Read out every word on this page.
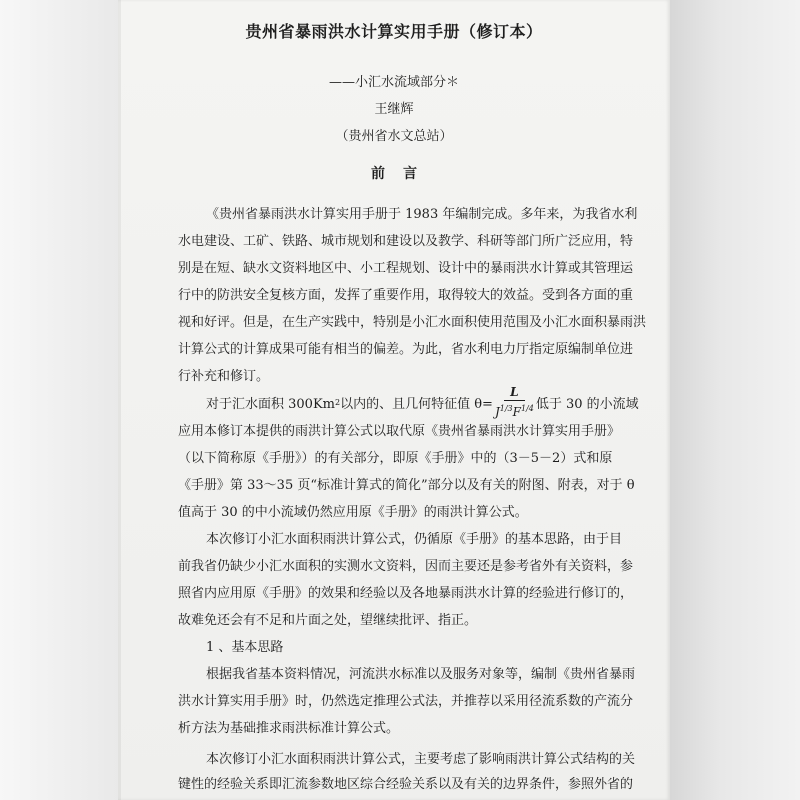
贵州省暴雨洪水计算实用手册（修订本）

——小汇水流域部分＊

王继辉

（贵州省水文总站）

前言

《贵州省暴雨洪水计算实用手册于 1983 年编制完成。多年来，为我省水利

水电建设、工矿、铁路、城市规划和建设以及教学、科研等部门所广泛应用，特

别是在短、缺水文资料地区中、小工程规划、设计中的暴雨洪水计算或其管理运

行中的防洪安全复核方面，发挥了重要作用，取得较大的效益。受到各方面的重

视和好评。但是，在生产实践中，特别是小汇水面积使用范围及小汇水面积暴雨洪

计算公式的计算成果可能有相当的偏差。为此，省水利电力厅指定原编制单位进

行补充和修订。

对于汇水面积 300Km 2 以内的、且几何特征值 $\theta= \frac{L}{J^{1/3}F^{1/4}}$ 低于 30 的小流域

应用本修订本提供的雨洪计算公式以取代原《贵州省暴雨洪水计算实用手册》

（以下简称原《手册》）的有关部分，即原《手册》中的（3－5－2）式和原

《手册》第 33～35 页“标准计算式的简化”部分以及有关的附图、附表，对于 θ

值高于 30 的中小流域仍然应用原《手册》的雨洪计算公式。

本次修订小汇水面积雨洪计算公式，仍循原《手册》的基本思路，由于目

前我省仍缺少小汇水面积的实测水文资料，因而主要还是参考省外有关资料，参

照省内应用原《手册》的效果和经验以及各地暴雨洪水计算的经验进行修订的，

故难免还会有不足和片面之处，望继续批评、指正。

1 、基本思路

根据我省基本资料情况，河流洪水标准以及服务对象等，编制《贵州省暴雨

洪水计算实用手册》时，仍然选定推理公式法，并推荐以采用径流系数的产流分

析方法为基础推求雨洪标准计算公式。

本次修订小汇水面积雨洪计算公式，主要考虑了影响雨洪计算公式结构的关

键性的经验关系即汇流参数地区综合经验关系以及有关的边界条件，参照外省的
